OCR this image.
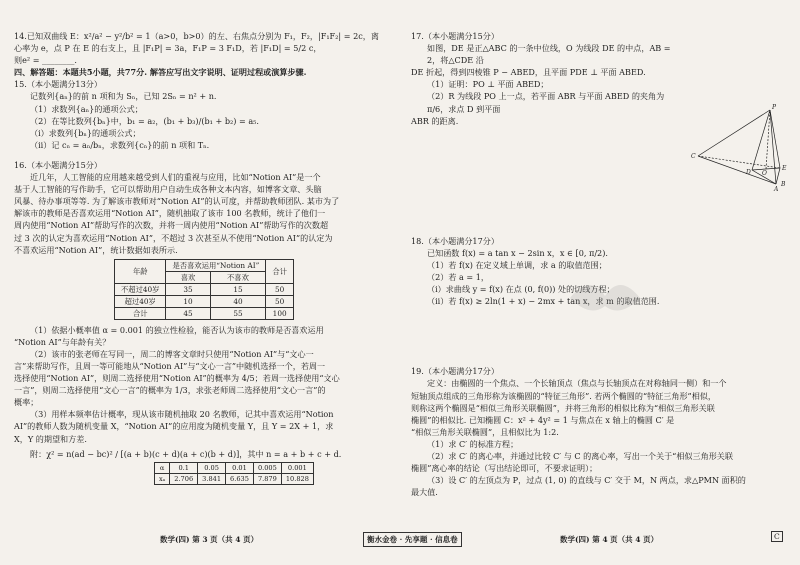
14.已知双曲线 E：x²/a² − y²/b² = 1（a>0，b>0）的左、右焦点分别为 F₁，F₂，|F₁F₂| = 2c，离

心率为 e，点 P 在 E 的右支上，且 |F₁P| = 3a，F₁P = 3 F₁D，若 |F₁D| = 5/2 c，

则e² = ________.

四、解答题：本题共5小题，共77分. 解答应写出文字说明、证明过程或演算步骤.

15.（本小题满分13分）

记数列{aₙ}的前 n 项和为 Sₙ，已知 2Sₙ = n² + n.

（1）求数列{aₙ}的通项公式；

（2）在等比数列{bₙ}中，b₁ = a₂，(b₁ + b₃)/(b₁ + b₂) = a₅.

（i）求数列{bₙ}的通项公式；

（ii）记 cₙ = aₙ/bₙ，求数列{cₙ}的前 n 项和 Tₙ.

16.（本小题满分15分）

近几年，人工智能的应用越来越受到人们的重视与应用，比如“Notion AI”是一个

基于人工智能的写作助手，它可以帮助用户自动生成各种文本内容，如博客文章、头脑

风暴、待办事项等等. 为了解该市教师对“Notion AI”的认可度，并帮助教师团队. 某市为了

解该市的教师是否喜欢运用“Notion AI”，随机抽取了该市 100 名教师，统计了他们一

周内使用“Notion AI”帮助写作的次数，并将一周内使用“Notion AI”帮助写作的次数超

过 3 次的认定为喜欢运用“Notion AI”，不超过 3 次甚至从不使用“Notion AI”的认定为

不喜欢运用“Notion AI”，统计数据如表所示.

年龄	是否喜欢运用“Notion AI”		合计
	喜欢	不喜欢	
不超过40岁	35	15	50
超过40岁	10	40	50
合计	45	55	100

（1）依据小概率值 α = 0.001 的独立性检验，能否认为该市的教师是否喜欢运用

“Notion AI”与年龄有关？

（2）该市的张老师在写同一，周二的博客文章时只使用“Notion AI”与“文心一

言”来帮助写作，且周一等可能地从“Notion AI”与“文心一言”中随机选择一个，若周一

选择使用“Notion AI”，则周二选择使用“Notion AI”的概率为 4/5；若周一选择使用“文心

一言”，则周二选择使用“文心一言”的概率为 1/3，求张老师周二选择使用“文心一言”的

概率；

（3）用样本频率估计概率，现从该市随机抽取 20 名教师，记其中喜欢运用“Notion

AI”的教师人数为随机变量 X，“Notion AI”的应用度为随机变量 Y，且 Y = 2X + 1，求

X，Y 的期望和方差.

附：χ² = n(ad − bc)² / [(a + b)(c + d)(a + c)(b + d)]，其中 n = a + b + c + d.

α	0.1	0.05	0.01	0.005	0.001
xₐ	2.706	3.841	6.635	7.879	10.828

17.（本小题满分15分）

如图，DE 是正△ABC 的一条中位线，O 为线段 DE 的中点，AB = 2，将△CDE 沿

DE 折起，得到四棱锥 P − ABED，且平面 PDE ⊥ 平面 ABED.

（1）证明：PO ⊥ 平面 ABED；

（2）R 为线段 PO 上一点，若平面 ABR 与平面 ABED 的夹角为 π/6，求点 D 到平面

ABR 的距离.

18.（本小题满分17分）

已知函数 f(x) = a tan x − 2sin x，x ∈ [0, π/2).

（1）若 f(x) 在定义域上单调，求 a 的取值范围；

（2）若 a = 1，

（i）求曲线 y = f(x) 在点 (0, f(0)) 处的切线方程；

（ii）若 f(x) ≥ 2ln(1 + x) − 2mx + tan x，求 m 的取值范围.

19.（本小题满分17分）

定义：由椭圆的一个焦点、一个长轴顶点（焦点与长轴顶点在对称轴同一侧）和一个

短轴顶点组成的三角形称为该椭圆的“特征三角形”. 若两个椭圆的“特征三角形”相似，

则称这两个椭圆是“相似三角形关联椭圆”，并将三角形的相似比称为“相似三角形关联

椭圆”的相似比. 已知椭圆 C：x² + 4y² = 1 与焦点在 x 轴上的椭圆 C′ 是

“相似三角形关联椭圆”，且相似比为 1:2.

（1）求 C′ 的标准方程；

（2）求 C′ 的离心率，并通过比较 C′ 与 C 的离心率，写出一个关于“相似三角形关联

椭圆”离心率的结论（写出结论即可，不要求证明）；

（3）设 C′ 的左顶点为 P，过点 (1, 0) 的直线与 C′ 交于 M，N 两点，求△PMN 面积的

最大值.

P
C
D O
E
A
B
数学(四) 第 3 页（共 4 页）	衡水金卷 · 先享题 · 信息卷	数学(四) 第 4 页（共 4 页）	C
